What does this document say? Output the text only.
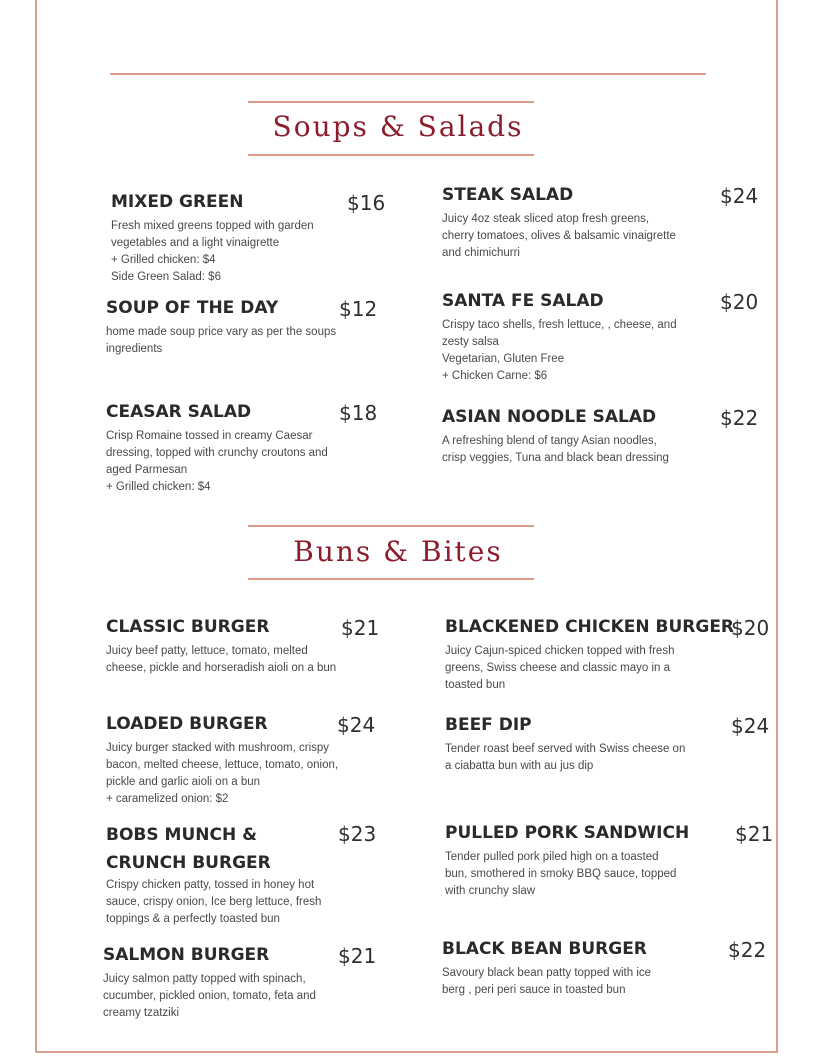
Soups & Salads
MIXED GREEN	$16
Fresh mixed greens topped with garden
vegetables and a light vinaigrette
+ Grilled chicken: $4
Side Green Salad: $6
STEAK SALAD	$24
Juicy 4oz steak sliced atop fresh greens,
cherry tomatoes, olives & balsamic vinaigrette
and chimichurri
SOUP OF THE DAY	$12
home made soup price vary as per the soups
ingredients
SANTA FE SALAD	$20
Crispy taco shells, fresh lettuce, , cheese, and
zesty salsa
Vegetarian, Gluten Free
+ Chicken Carne: $6
CEASAR SALAD	$18
Crisp Romaine tossed in creamy Caesar
dressing, topped with crunchy croutons and
aged Parmesan
+ Grilled chicken: $4
ASIAN NOODLE SALAD	$22
A refreshing blend of tangy Asian noodles,
crisp veggies, Tuna and black bean dressing
Buns & Bites
CLASSIC BURGER	$21
Juicy beef patty, lettuce, tomato, melted
cheese, pickle and horseradish aioli on a bun
BLACKENED CHICKEN BURGER
$20
Juicy Cajun-spiced chicken topped with fresh
greens, Swiss cheese and classic mayo in a
toasted bun
LOADED BURGER	$24
Juicy burger stacked with mushroom, crispy
bacon, melted cheese, lettuce, tomato, onion,
pickle and garlic aioli on a bun
+ caramelized onion: $2
BEEF DIP	$24
Tender roast beef served with Swiss cheese on
a ciabatta bun with au jus dip
BOBS MUNCH &
CRUNCH BURGER
$23
Crispy chicken patty, tossed in honey hot
sauce, crispy onion, Ice berg lettuce, fresh
toppings & a perfectly toasted bun
PULLED PORK SANDWICH $21
Tender pulled pork piled high on a toasted
bun, smothered in smoky BBQ sauce, topped
with crunchy slaw
SALMON BURGER	$21
Juicy salmon patty topped with spinach,
cucumber, pickled onion, tomato, feta and
creamy tzatziki
BLACK BEAN BURGER	$22
Savoury black bean patty topped with ice
berg , peri peri sauce in toasted bun
